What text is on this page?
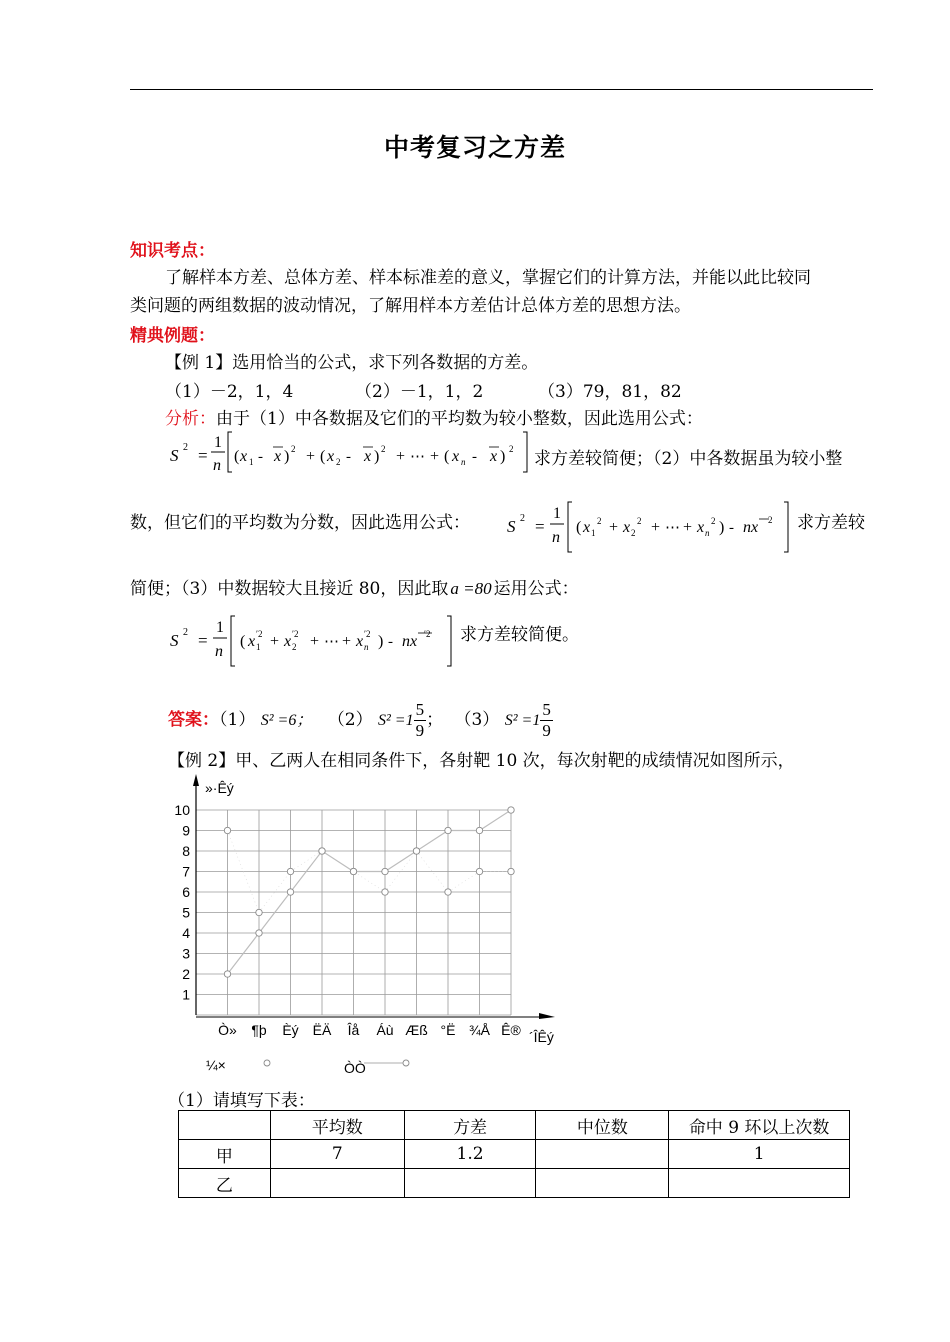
中考复习之方差
知识考点：
了解样本方差、总体方差、样本标准差的意义，掌握它们的计算方法，并能以此比较同
类问题的两组数据的波动情况，了解用样本方差估计总体方差的思想方法。
精典例题：
【例 1】选用恰当的公式，求下列各数据的方差。
（1）－2，1，4	（2）－1，1，2	（3）79，81，82
分析：由于（1）中各数据及它们的平均数为较小整数，因此选用公式：
S 2 =
1
n
( x 1 - x ) 2 + ( x 2 - x ) 2 + ⋯ + ( x n - x ) 2 求方差较简便；（2）中各数据虽为较小整
数，但它们的平均数为分数，因此选用公式： S 2 =
1
n
( x 1
2 + x 2
2 + ⋯ + x n
2 ) - nx 2 求方差较
简便；（3）中数据较大且接近 80，因此取 a =80 运用公式：
S 2 =
1
n
( x 1
′2 + x 2
′2 + ⋯ + x n
′2 ) - nx ′2 求方差较简便。
答案：（1） S² =6； （2） $S^2 =1 \frac{5}{9}$ ； （3） $S^2 =1 \frac{5}{9}$
【例 2】甲、乙两人在相同条件下，各射靶 10 次，每次射靶的成绩情况如图所示，
»·Êý
´ÎÊý
1
2
3
4
5
6
7
8
9
10
Ò» ¶þ Èý ËÄ Îå Áù Æß °Ë ¾Å Ê®
¼×	ÒÒ
（1）请填写下表：
	平均数	方差	中位数	命中 9 环以上次数
甲	7	1.2		1
乙				
